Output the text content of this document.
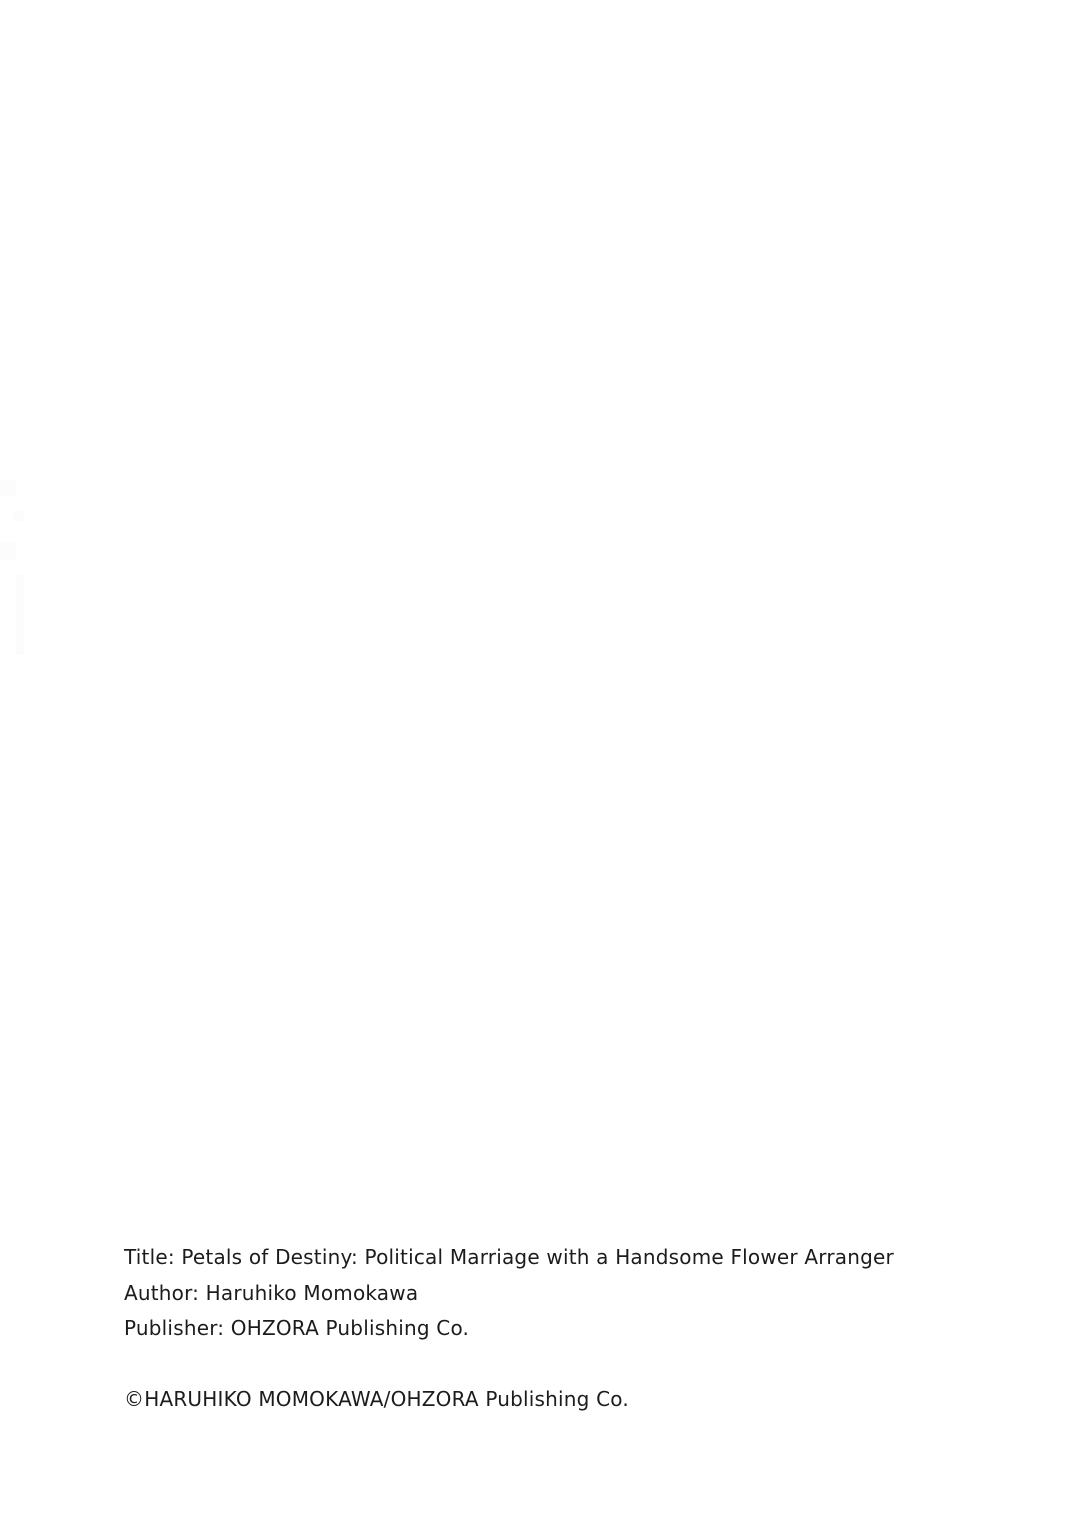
Title: Petals of Destiny: Political Marriage with a Handsome Flower Arranger
Author: Haruhiko Momokawa
Publisher: OHZORA Publishing Co.
©HARUHIKO MOMOKAWA/OHZORA Publishing Co.
